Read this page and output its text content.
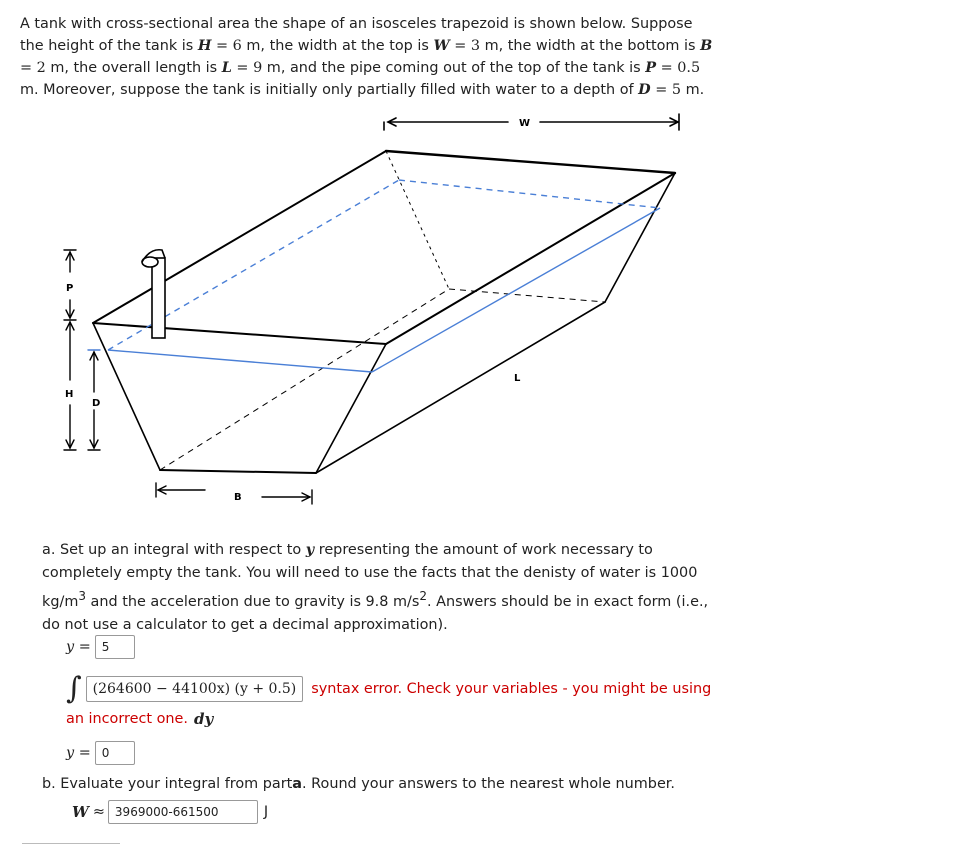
A tank with cross-sectional area the shape of an isosceles trapezoid is shown below. Suppose the height of the tank is H = 6 m, the width at the top is W = 3 m, the width at the bottom is B = 2 m, the overall length is L = 9 m, and the pipe coming out of the top of the tank is P = 0.5 m. Moreover, suppose the tank is initially only partially filled with water to a depth of D = 5 m.
W
B
L
P
H
D
a. Set up an integral with respect to y representing the amount of work necessary to completely empty the tank. You will need to use the facts that the denisty of water is 1000 $kg/m^3$ and the acceleration due to gravity is 9.8 $m/s^2$. Answers should be in exact form (i.e., do not use a calculator to get a decimal approximation).
y = 5
∫ (264600 − 44100x) (y + 0.5)	syntax error. Check your variables - you might be using
an incorrect one. dy
y = 0
b. Evaluate your integral from part a . Round your answers to the nearest whole number.
W ≈ 3969000-661500	J
